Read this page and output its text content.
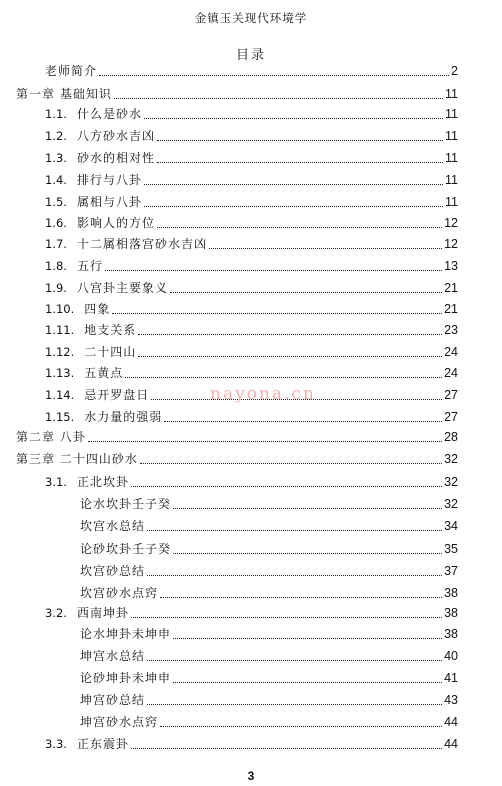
金镇玉关现代环境学
目录
老师简介	2
第一章 基础知识	11
1.1. 什么是砂水	11
1.2. 八方砂水吉凶	11
1.3. 砂水的相对性	11
1.4. 排行与八卦	11
1.5. 属相与八卦	11
1.6. 影响人的方位	12
1.7. 十二属相落宫砂水吉凶	12
1.8. 五行	13
1.9. 八宫卦主要象义	21
1.10. 四象	21
1.11. 地支关系	23
1.12. 二十四山	24
1.13. 五黄点	24
1.14. 忌开罗盘日	27
1.15. 水力量的强弱	27
第二章 八卦	28
第三章 二十四山砂水	32
3.1. 正北坎卦	32
论水坎卦壬子癸	32
坎宫水总结	34
论砂坎卦壬子癸	35
坎宫砂总结	37
坎宫砂水点窍	38
3.2. 西南坤卦	38
论水坤卦未坤申	38
坤宫水总结	40
论砂坤卦未坤申	41
坤宫砂总结	43
坤宫砂水点窍	44
3.3. 正东震卦	44
nayona.cn
3
